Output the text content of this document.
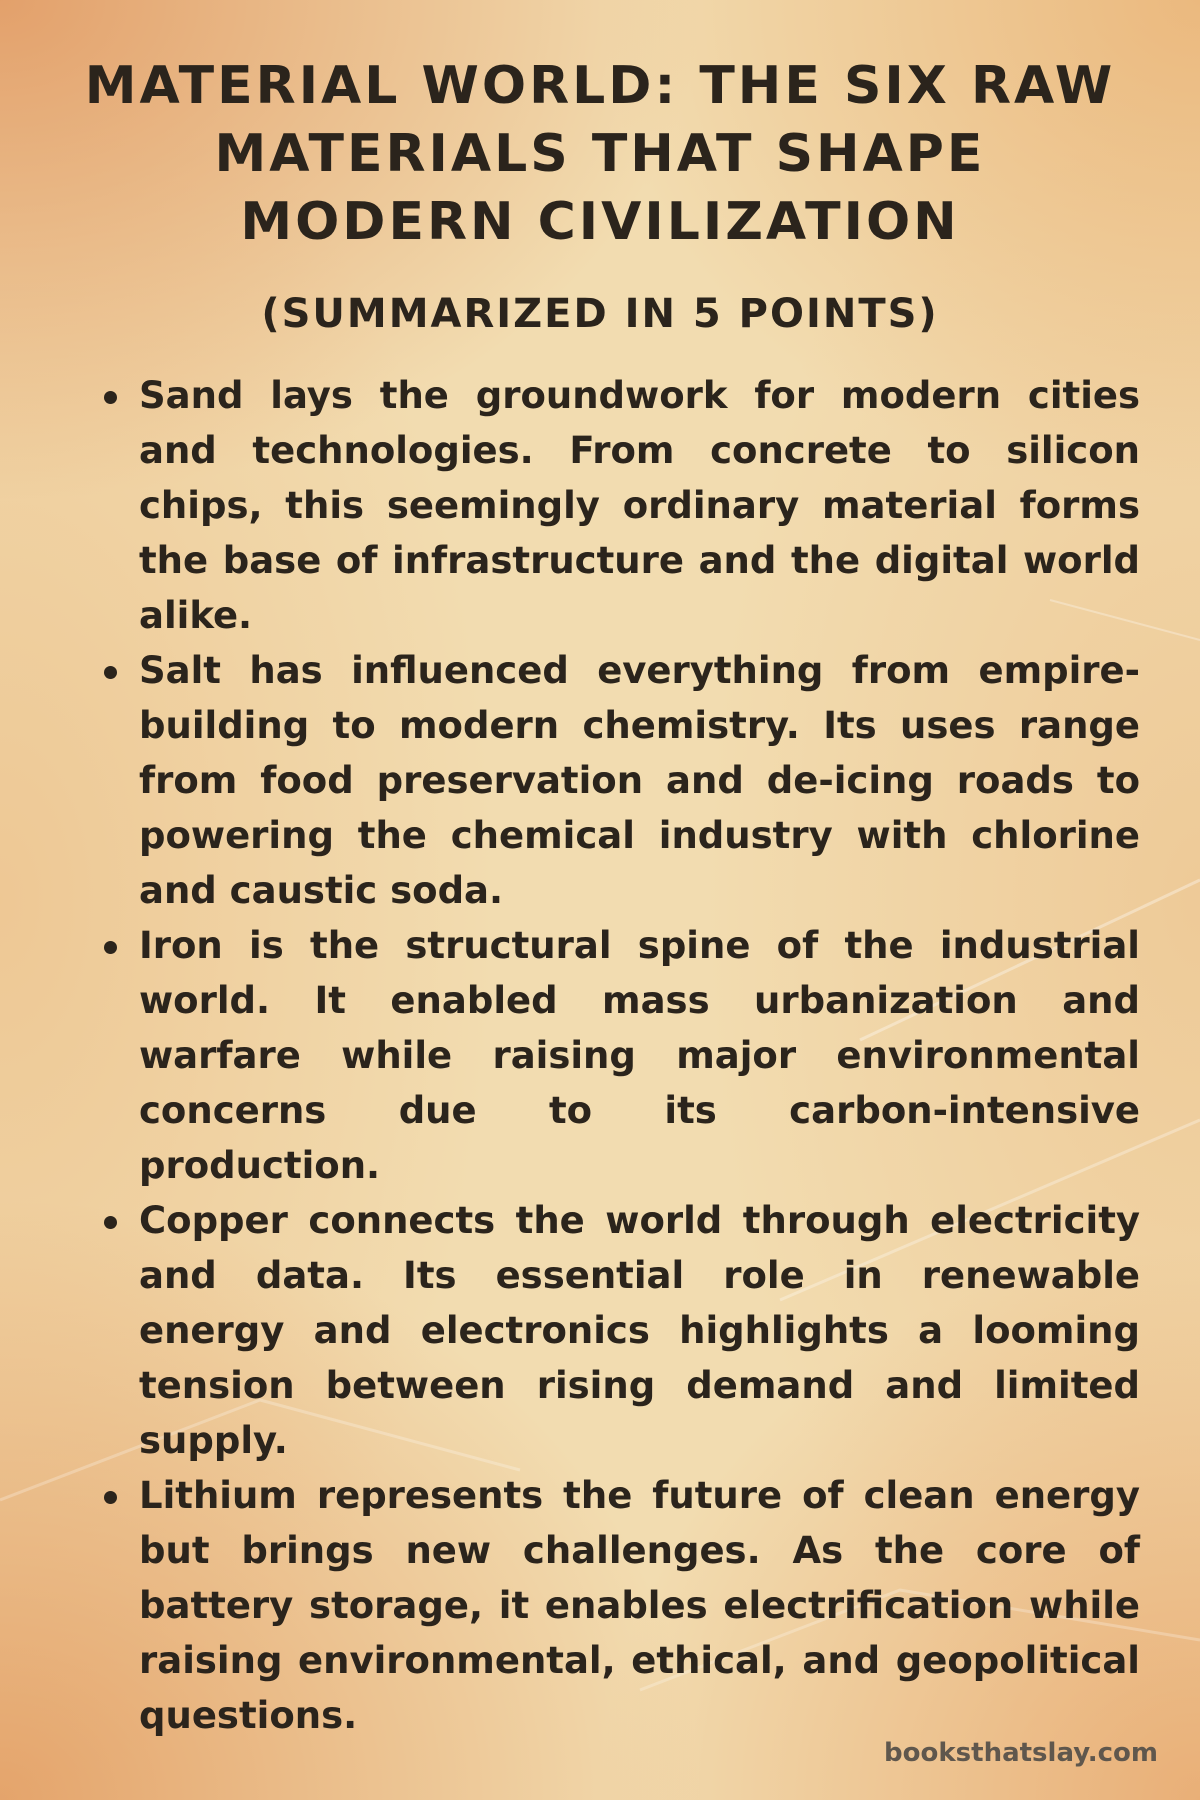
MATERIAL WORLD: THE SIX RAW MATERIALS THAT SHAPE MODERN CIVILIZATION
(SUMMARIZED IN 5 POINTS)
Sand lays the groundwork for modern cities and technologies. From concrete to silicon chips, this seemingly ordinary material forms the base of infrastructure and the digital world alike.
Salt has influenced everything from empire-building to modern chemistry. Its uses range from food preservation and de-icing roads to powering the chemical industry with chlorine and caustic soda.
Iron is the structural spine of the industrial world. It enabled mass urbanization and warfare while raising major environmental concerns due to its carbon-intensive production.
Copper connects the world through electricity and data. Its essential role in renewable energy and electronics highlights a looming tension between rising demand and limited supply.
Lithium represents the future of clean energy but brings new challenges. As the core of battery storage, it enables electrification while raising environmental, ethical, and geopolitical questions.

booksthatslay.com
